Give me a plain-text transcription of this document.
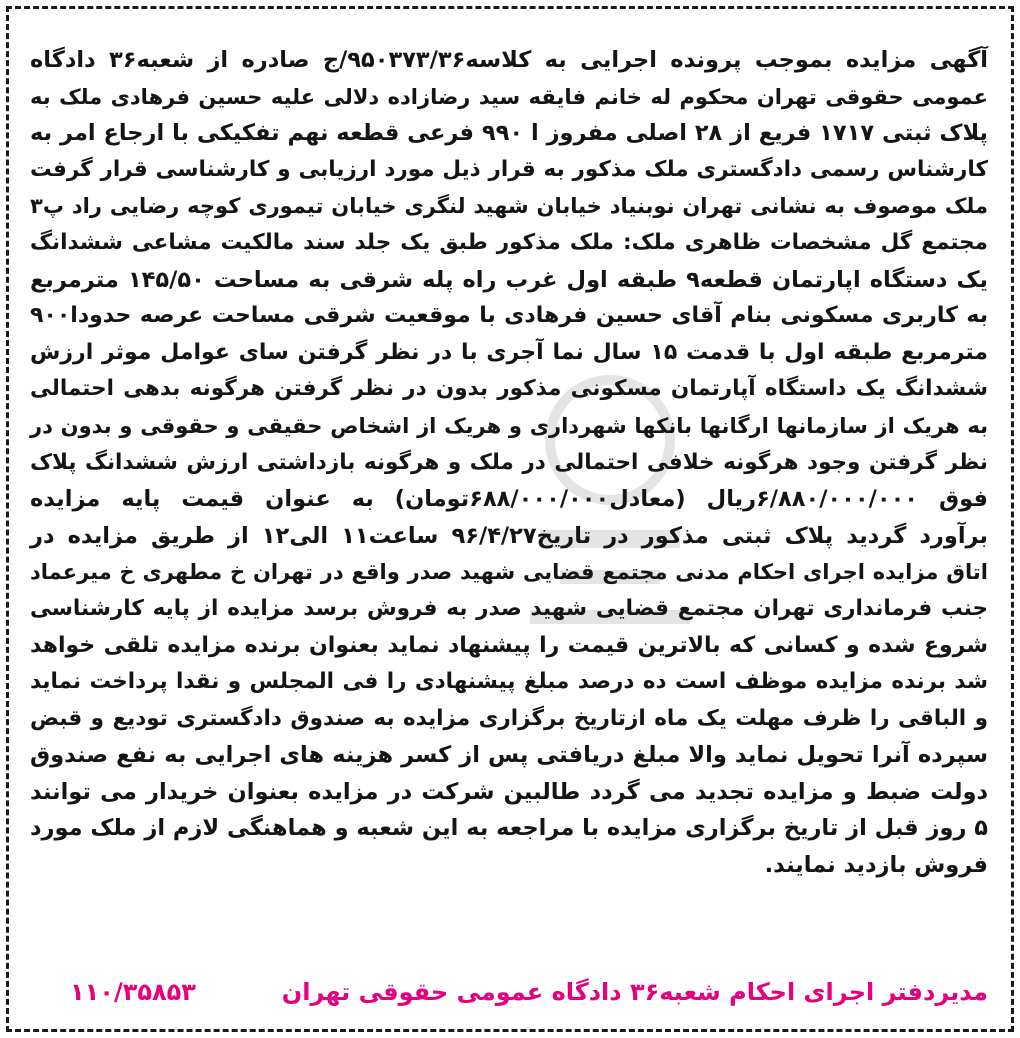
آگهی مزایده بموجب پرونده اجرایی به کلاسه۹۵۰۳۷۳/۳۶/ج صادره از شعبه۳۶ دادگاه
عمومی حقوقی تهران محکوم له خانم فایقه سید رضازاده دلالی علیه حسین فرهادی ملک به
پلاک ثبتی ۱۷۱۷ فریع از ۲۸ اصلی مفروز ا ۹۹۰ فرعی قطعه نهم تفکیکی با ارجاع امر به
کارشناس رسمی دادگستری ملک مذکور به قرار ذیل مورد ارزیابی و کارشناسی قرار گرفت
ملک موصوف به نشانی تهران نوبنیاد خیابان شهید لنگری خیابان تیموری کوچه رضایی راد پ۳
مجتمع گل مشخصات ظاهری ملک: ملک مذکور طبق یک جلد سند مالکیت مشاعی ششدانگ
یک دستگاه اپارتمان قطعه۹ طبقه اول غرب راه پله شرقی به مساحت ۱۴۵/۵۰ مترمربع
به کاربری مسکونی بنام آقای حسین فرهادی با موقعیت شرقی مساحت عرصه حدودا۹۰۰
مترمربع طبقه اول با قدمت ۱۵ سال نما آجری با در نظر گرفتن سای عوامل موثر ارزش
ششدانگ یک داستگاه آپارتمان مسکونی مذکور بدون در نظر گرفتن هرگونه بدهی احتمالی
به هریک از سازمانها ارگانها بانکها شهرداری و هریک از اشخاص حقیقی و حقوقی و بدون در
نظر گرفتن وجود هرگونه خلافی احتمالی در ملک و هرگونه بازداشتی ارزش ششدانگ پلاک
فوق ۶/۸۸۰/۰۰۰/۰۰۰ریال (معادل۶۸۸/۰۰۰/۰۰۰تومان) به عنوان قیمت پایه مزایده
برآورد گردید پلاک ثبتی مذکور در تاریخ۹۶/۴/۲۷ ساعت۱۱ الی۱۲ از طریق مزایده در
اتاق مزایده اجرای احکام مدنی مجتمع قضایی شهید صدر واقع در تهران خ مطهری خ میرعماد
جنب فرمانداری تهران مجتمع قضایی شهید صدر به فروش برسد مزایده از پایه کارشناسی
شروع شده و کسانی که بالاترین قیمت را پیشنهاد نماید بعنوان برنده مزایده تلقی خواهد
شد برنده مزایده موظف است ده درصد مبلغ پیشنهادی را فی المجلس و نقدا پرداخت نماید
و الباقی را ظرف مهلت یک ماه ازتاریخ برگزاری مزایده به صندوق دادگستری تودیع و قبض
سپرده آنرا تحویل نماید والا مبلغ دریافتی پس از کسر هزینه های اجرایی به نفع صندوق
دولت ضبط و مزایده تجدید می گردد طالبین شرکت در مزایده بعنوان خریدار می توانند
۵ روز قبل از تاریخ برگزاری مزایده با مراجعه به این شعبه و هماهنگی لازم از ملک مورد
فروش بازدید نمایند.
مدیردفتر اجرای احکام شعبه۳۶ دادگاه عمومی حقوقی تهران
۱۱۰/۳۵۸۵۳
